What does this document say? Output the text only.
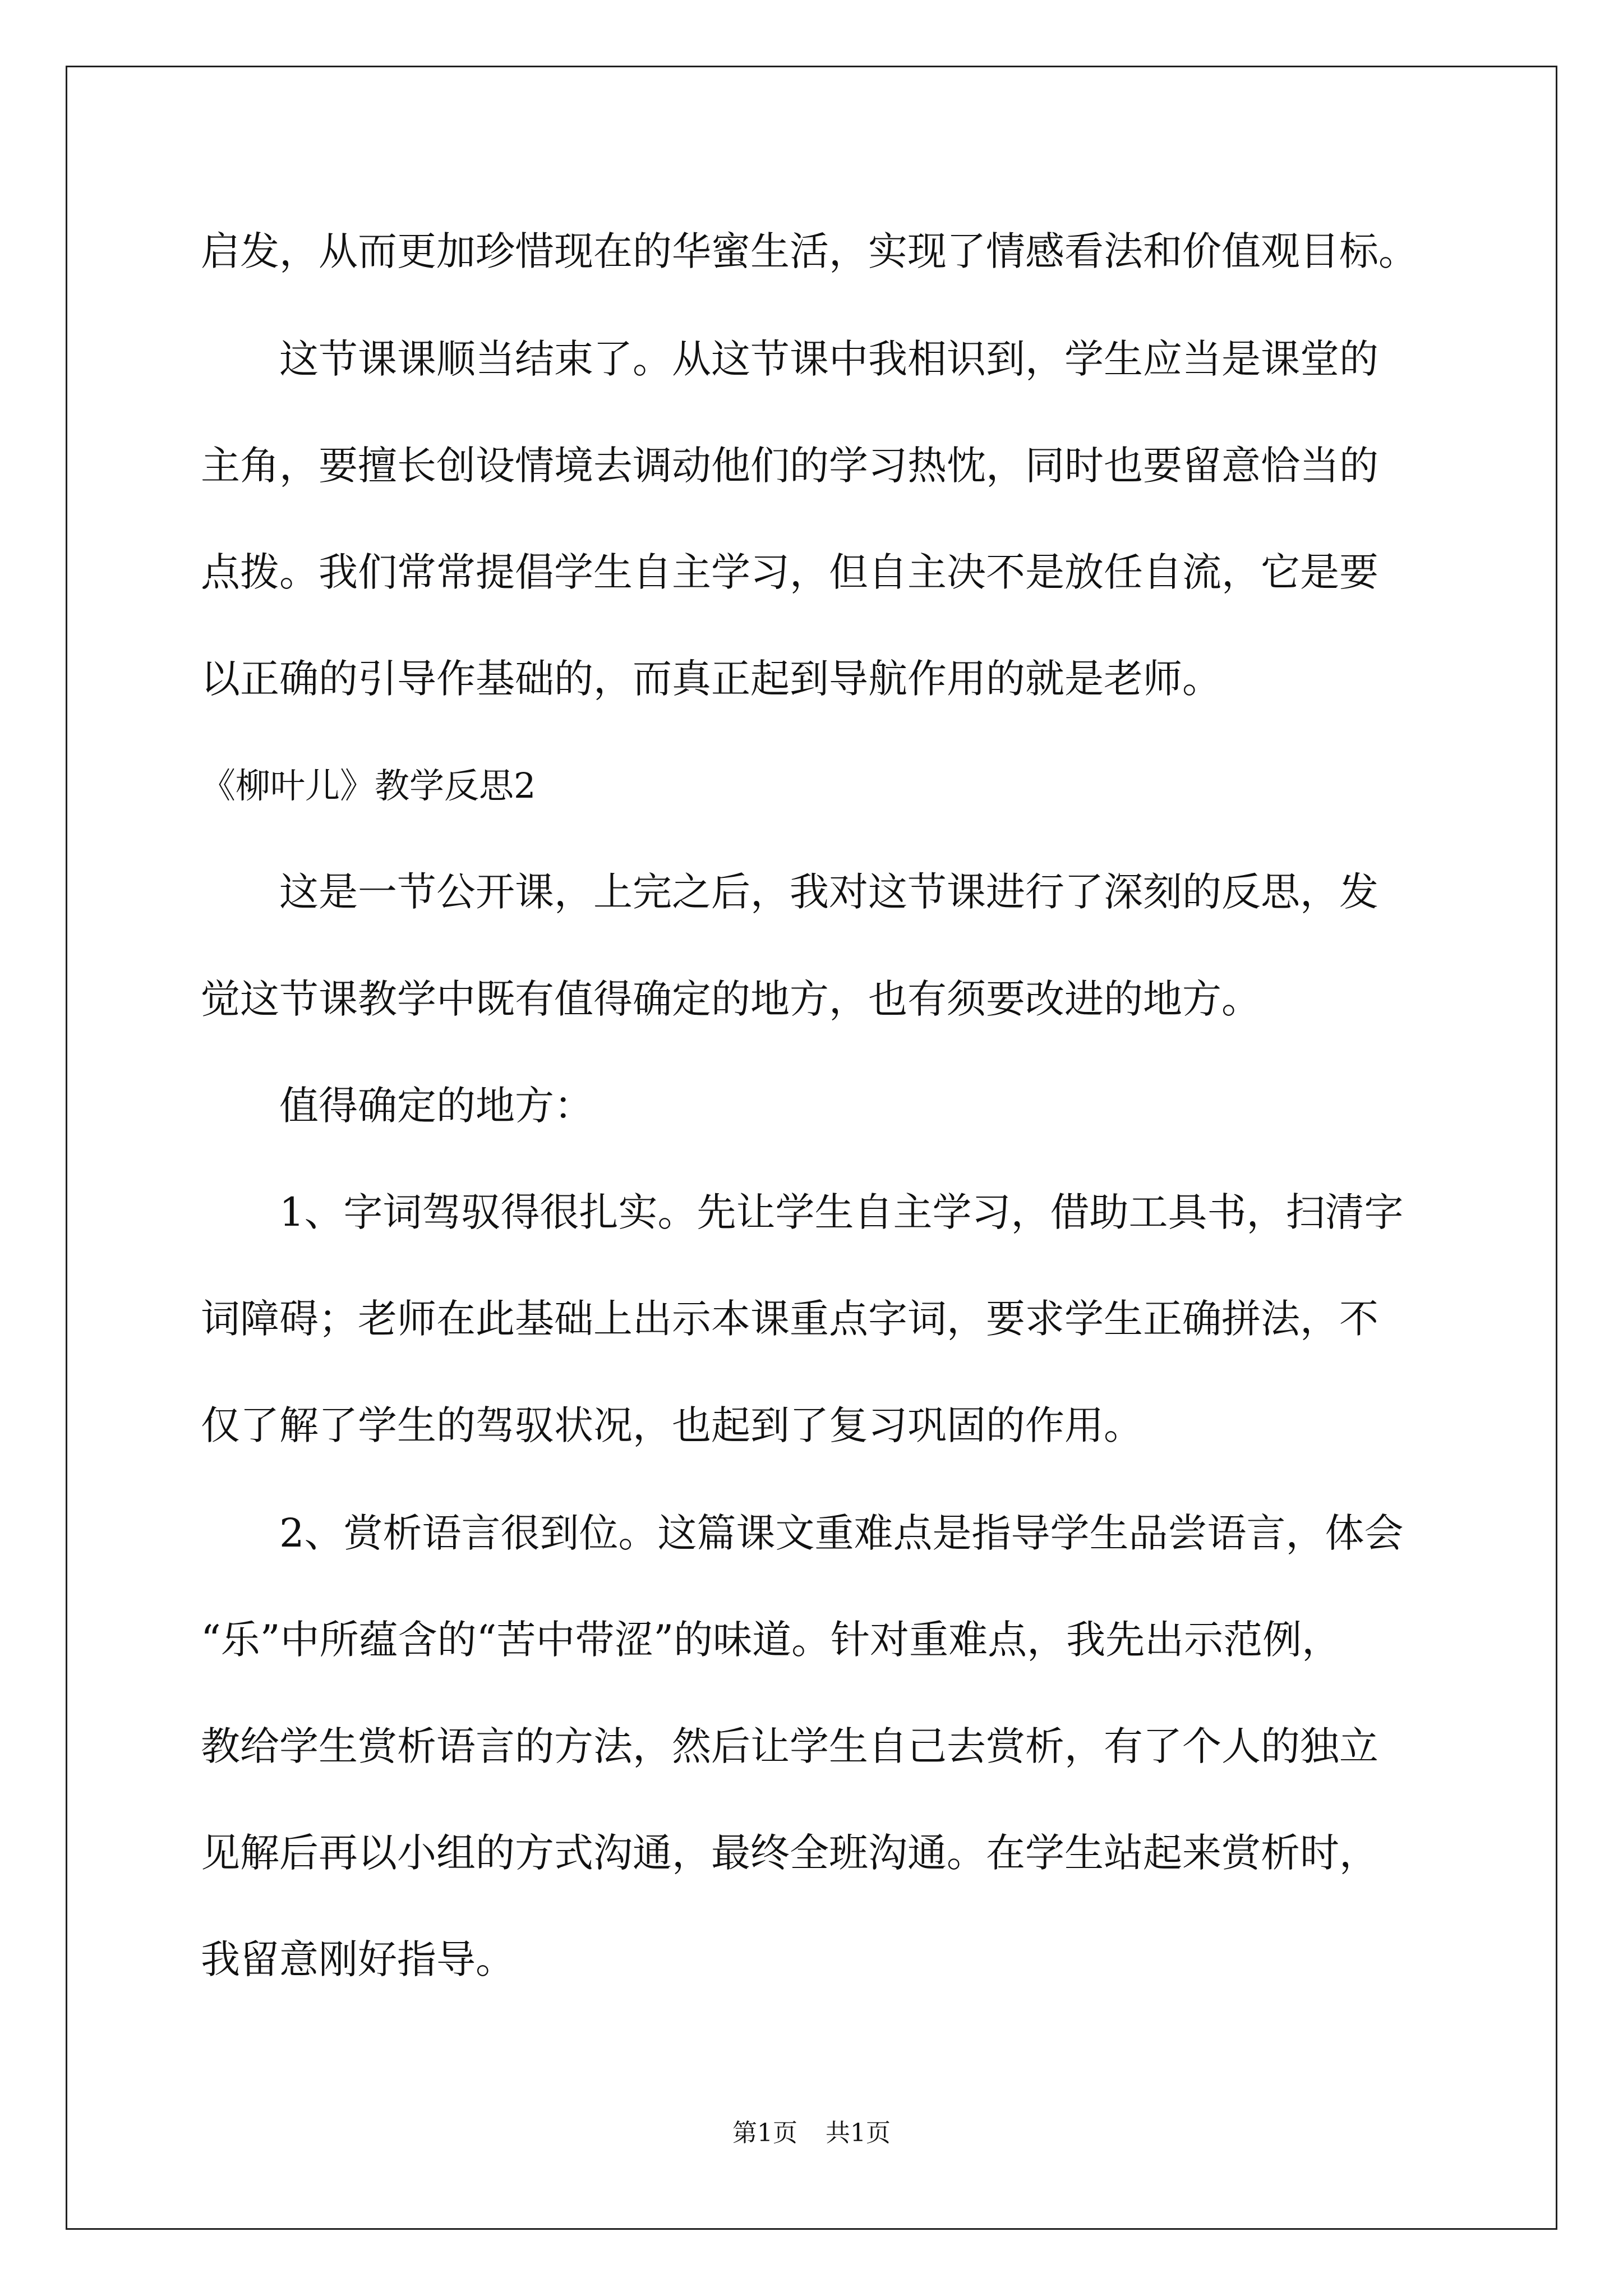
启发，从而更加珍惜现在的华蜜生活，实现了情感看法和价值观目标。
这节课课顺当结束了。从这节课中我相识到，学生应当是课堂的
主角，要擅长创设情境去调动他们的学习热忱，同时也要留意恰当的
点拨。我们常常提倡学生自主学习，但自主决不是放任自流，它是要
以正确的引导作基础的，而真正起到导航作用的就是老师。
《柳叶儿》教学反思2
这是一节公开课，上完之后，我对这节课进行了深刻的反思，发
觉这节课教学中既有值得确定的地方，也有须要改进的地方。
值得确定的地方：
1、字词驾驭得很扎实。先让学生自主学习，借助工具书，扫清字
词障碍；老师在此基础上出示本课重点字词，要求学生正确拼法，不
仅了解了学生的驾驭状况，也起到了复习巩固的作用。
2、赏析语言很到位。这篇课文重难点是指导学生品尝语言，体会
“乐”中所蕴含的“苦中带涩”的味道。针对重难点，我先出示范例，
教给学生赏析语言的方法，然后让学生自己去赏析，有了个人的独立
见解后再以小组的方式沟通，最终全班沟通。在学生站起来赏析时，
我留意刚好指导。
第1页 共1页
